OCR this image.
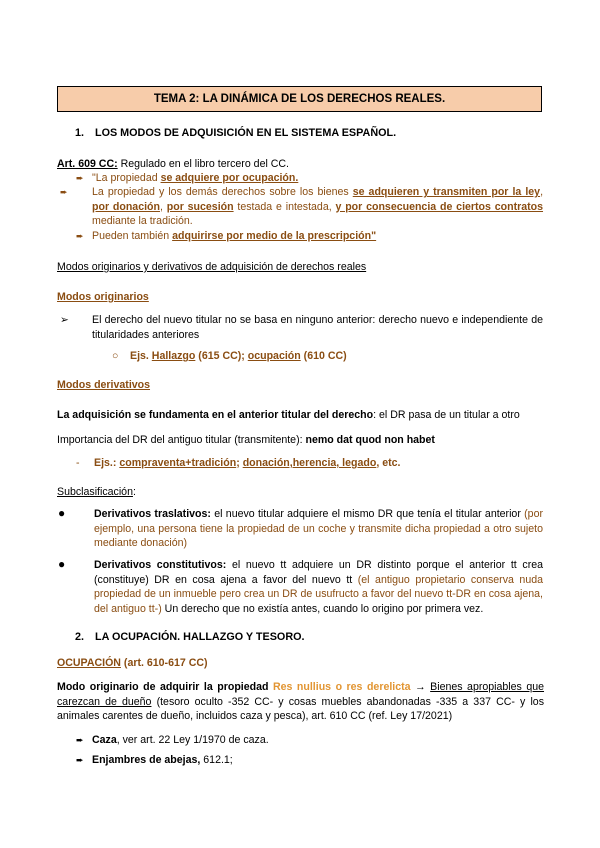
TEMA 2: LA DINÁMICA DE LOS DERECHOS REALES.
1. LOS MODOS DE ADQUISICIÓN EN EL SISTEMA ESPAÑOL.
Art. 609 CC: Regulado en el libro tercero del CC.
➨ "La propiedad se adquiere por ocupación.
➨ La propiedad y los demás derechos sobre los bienes se adquieren y transmiten por la ley, por donación, por sucesión testada e intestada, y por consecuencia de ciertos contratos mediante la tradición.
➨ Pueden también adquirirse por medio de la prescripción"
Modos originarios y derivativos de adquisición de derechos reales
Modos originarios
➢ El derecho del nuevo titular no se basa en ninguno anterior: derecho nuevo e independiente de titularidades anteriores
○ Ejs. Hallazgo (615 CC); ocupación (610 CC)
Modos derivativos
La adquisición se fundamenta en el anterior titular del derecho: el DR pasa de un titular a otro
Importancia del DR del antiguo titular (transmitente): nemo dat quod non habet
- Ejs.: compraventa+tradición; donación,herencia, legado, etc.
Subclasificación:
●	Derivativos traslativos: el nuevo titular adquiere el mismo DR que tenía el titular anterior (por ejemplo, una persona tiene la propiedad de un coche y transmite dicha propiedad a otro sujeto mediante donación)
●	Derivativos constitutivos: el nuevo tt adquiere un DR distinto porque el anterior tt crea (constituye) DR en cosa ajena a favor del nuevo tt (el antiguo propietario conserva nuda propiedad de un inmueble pero crea un DR de usufructo a favor del nuevo tt-DR en cosa ajena, del antiguo tt-) Un derecho que no existía antes, cuando lo origino por primera vez.
2. LA OCUPACIÓN. HALLAZGO Y TESORO.
OCUPACIÓN (art. 610-617 CC)
Modo originario de adquirir la propiedad Res nullius o res derelicta → Bienes apropiables que carezcan de dueño (tesoro oculto -352 CC- y cosas muebles abandonadas -335 a 337 CC- y los animales carentes de dueño, incluidos caza y pesca), art. 610 CC (ref. Ley 17/2021)
➨ Caza, ver art. 22 Ley 1/1970 de caza.
➨ Enjambres de abejas, 612.1;
